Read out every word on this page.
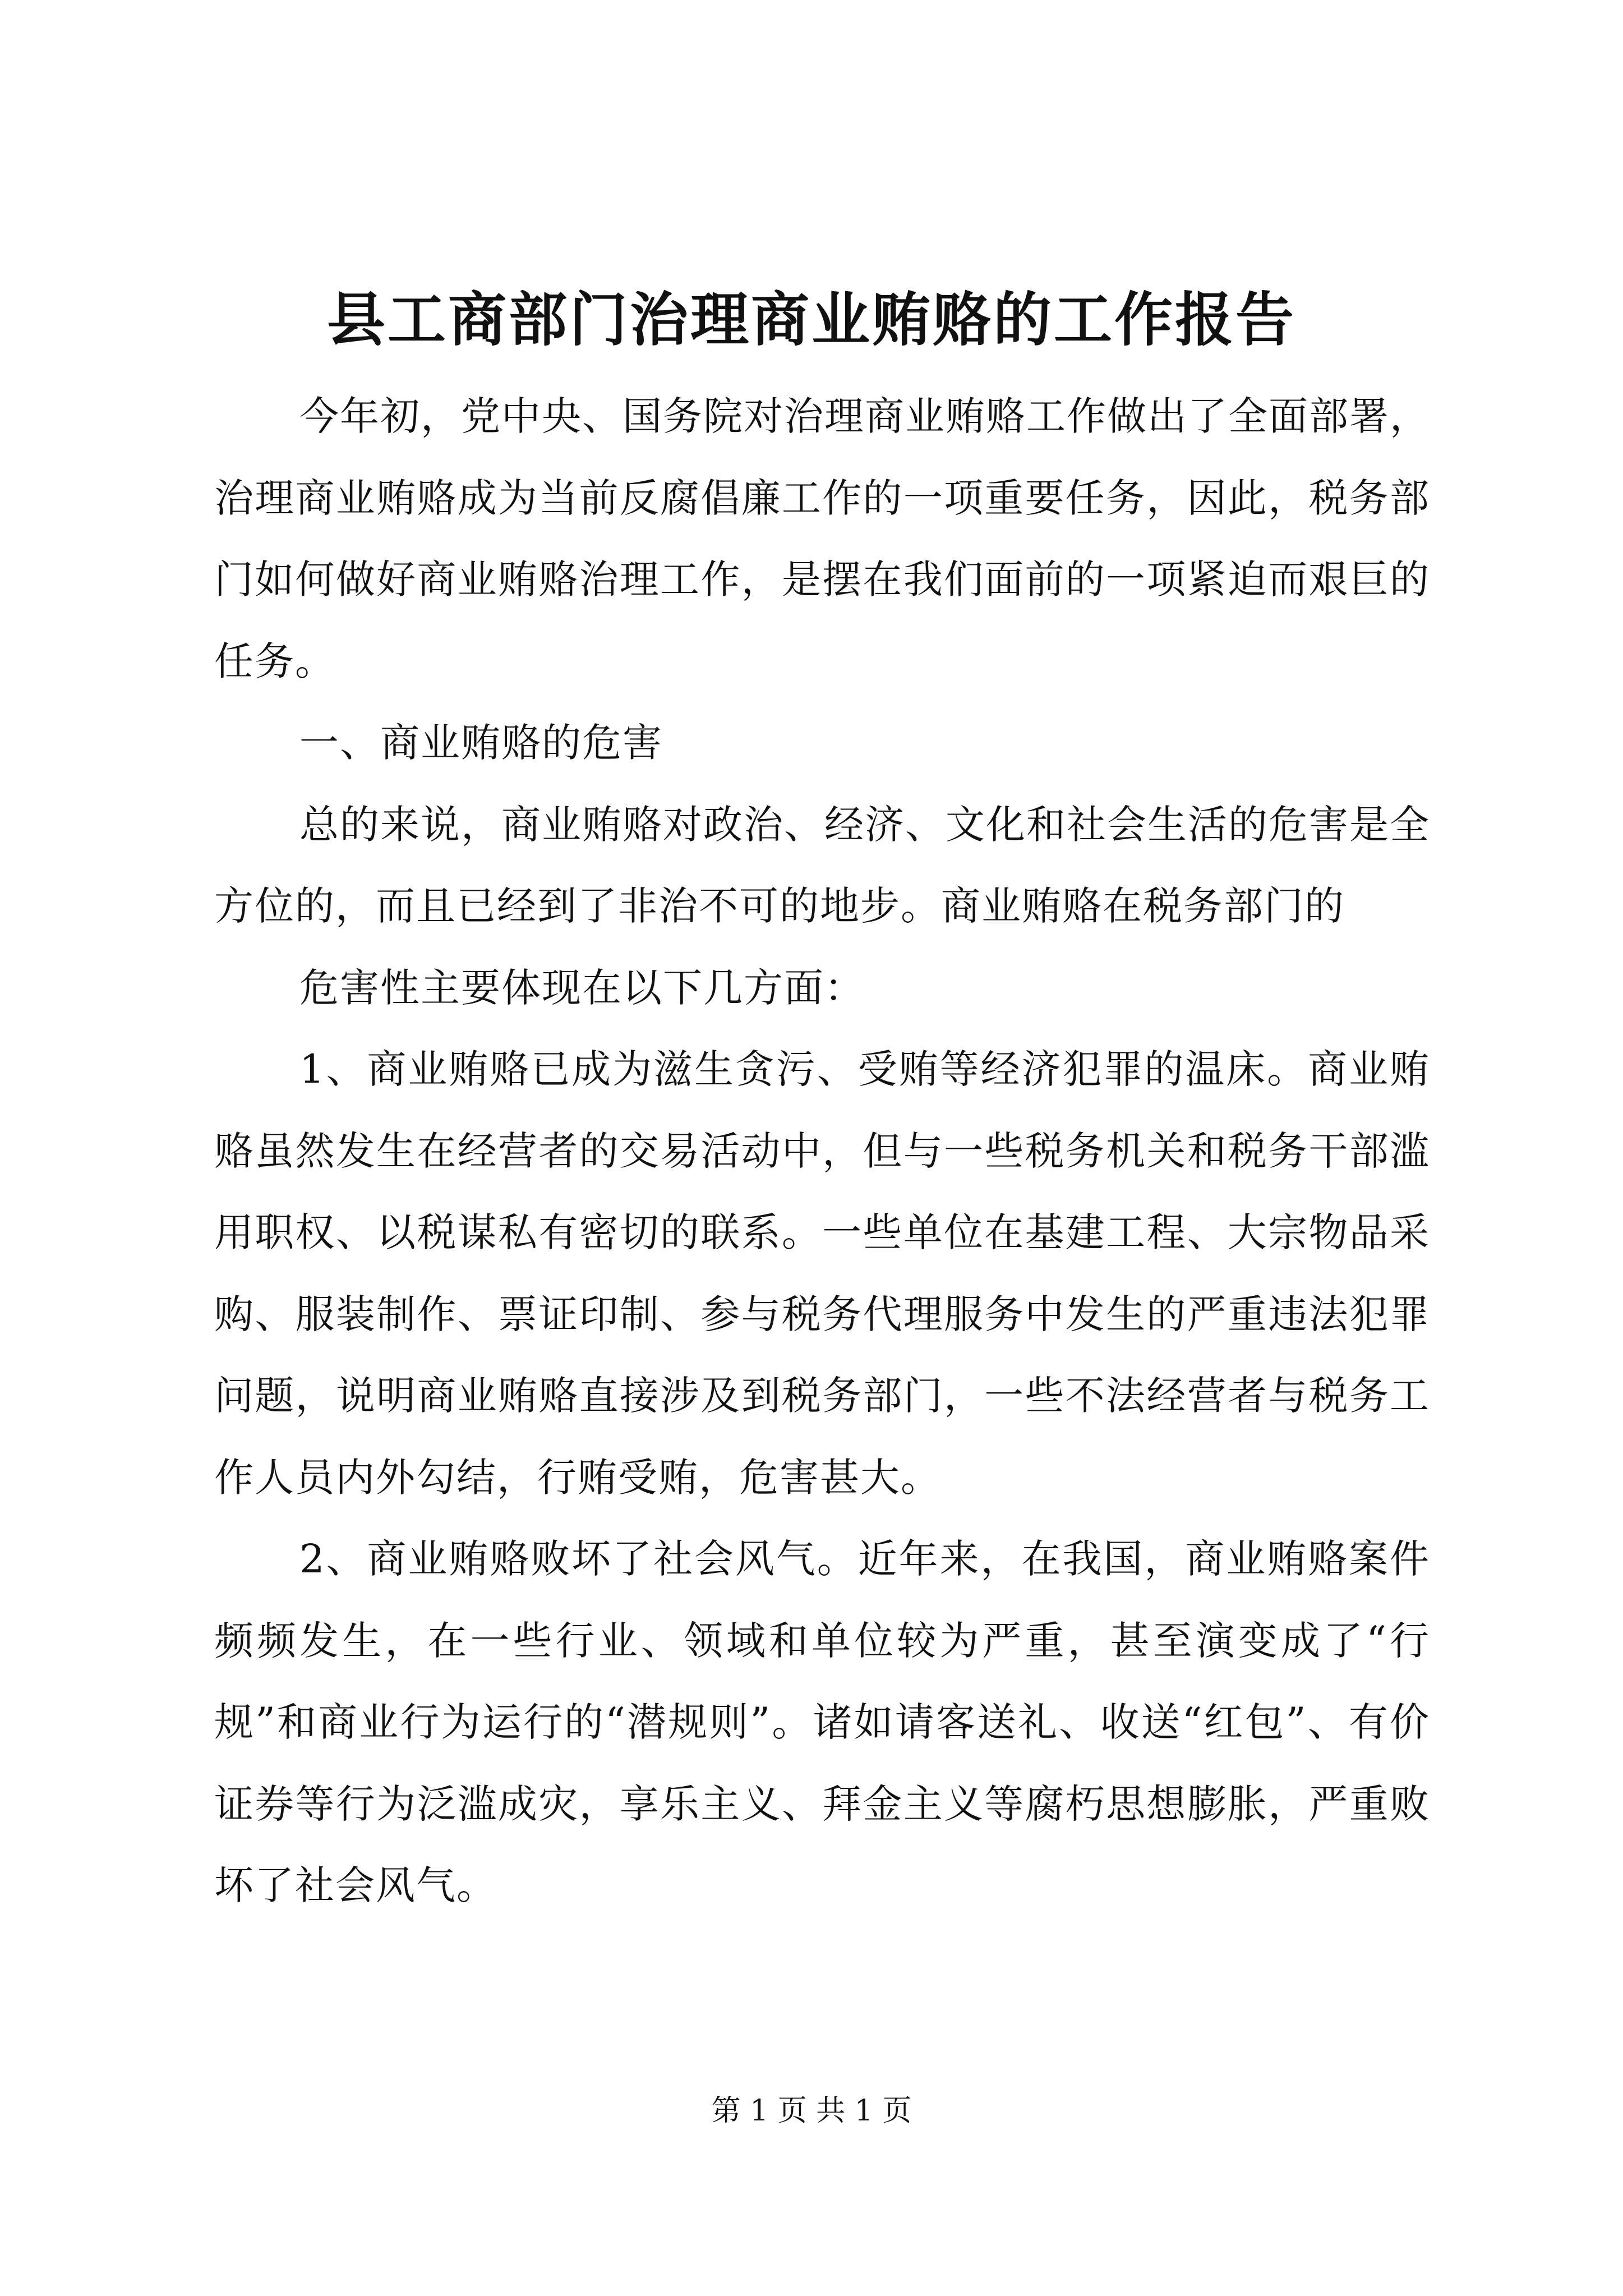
县工商部门治理商业贿赂的工作报告

今年初，党中央、国务院对治理商业贿赂工作做出了全面部署，治理商业贿赂成为当前反腐倡廉工作的一项重要任务，因此，税务部门如何做好商业贿赂治理工作，是摆在我们面前的一项紧迫而艰巨的任务。

一、商业贿赂的危害

总的来说，商业贿赂对政治、经济、文化和社会生活的危害是全方位的，而且已经到了非治不可的地步。商业贿赂在税务部门的

危害性主要体现在以下几方面：

1、商业贿赂已成为滋生贪污、受贿等经济犯罪的温床。商业贿赂虽然发生在经营者的交易活动中，但与一些税务机关和税务干部滥用职权、以税谋私有密切的联系。一些单位在基建工程、大宗物品采购、服装制作、票证印制、参与税务代理服务中发生的严重违法犯罪问题，说明商业贿赂直接涉及到税务部门，一些不法经营者与税务工作人员内外勾结，行贿受贿，危害甚大。

2、商业贿赂败坏了社会风气。近年来，在我国，商业贿赂案件频频发生，在一些行业、领域和单位较为严重，甚至演变成了“行规”和商业行为运行的“潜规则”。诸如请客送礼、收送“红包”、有价证券等行为泛滥成灾，享乐主义、拜金主义等腐朽思想膨胀，严重败坏了社会风气。

第 1 页 共 1 页
